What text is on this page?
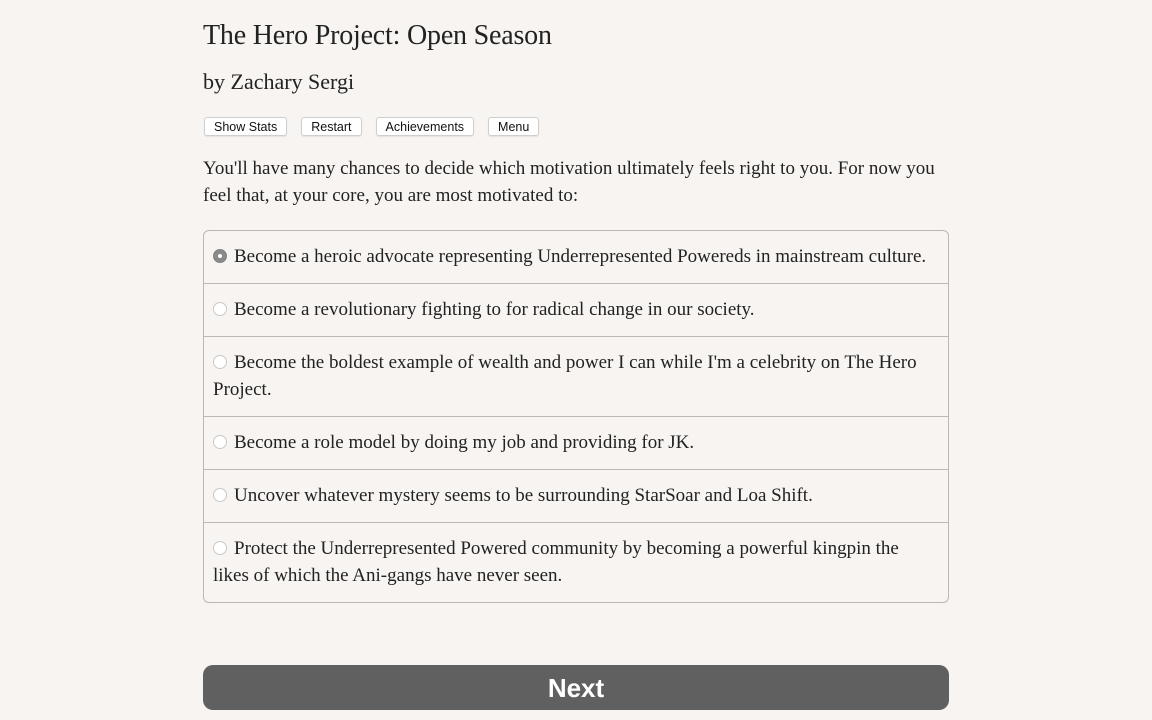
The Hero Project: Open Season
by Zachary Sergi
Show Stats	Restart	Achievements	Menu
You'll have many chances to decide which motivation ultimately feels right to you. For now you feel that, at your core, you are most motivated to:
Become a heroic advocate representing Underrepresented Powereds in mainstream culture.
Become a revolutionary fighting to for radical change in our society.
Become the boldest example of wealth and power I can while I'm a celebrity on The Hero Project.
Become a role model by doing my job and providing for JK.
Uncover whatever mystery seems to be surrounding StarSoar and Loa Shift.
Protect the Underrepresented Powered community by becoming a powerful kingpin the likes of which the Ani-gangs have never seen.
Next
